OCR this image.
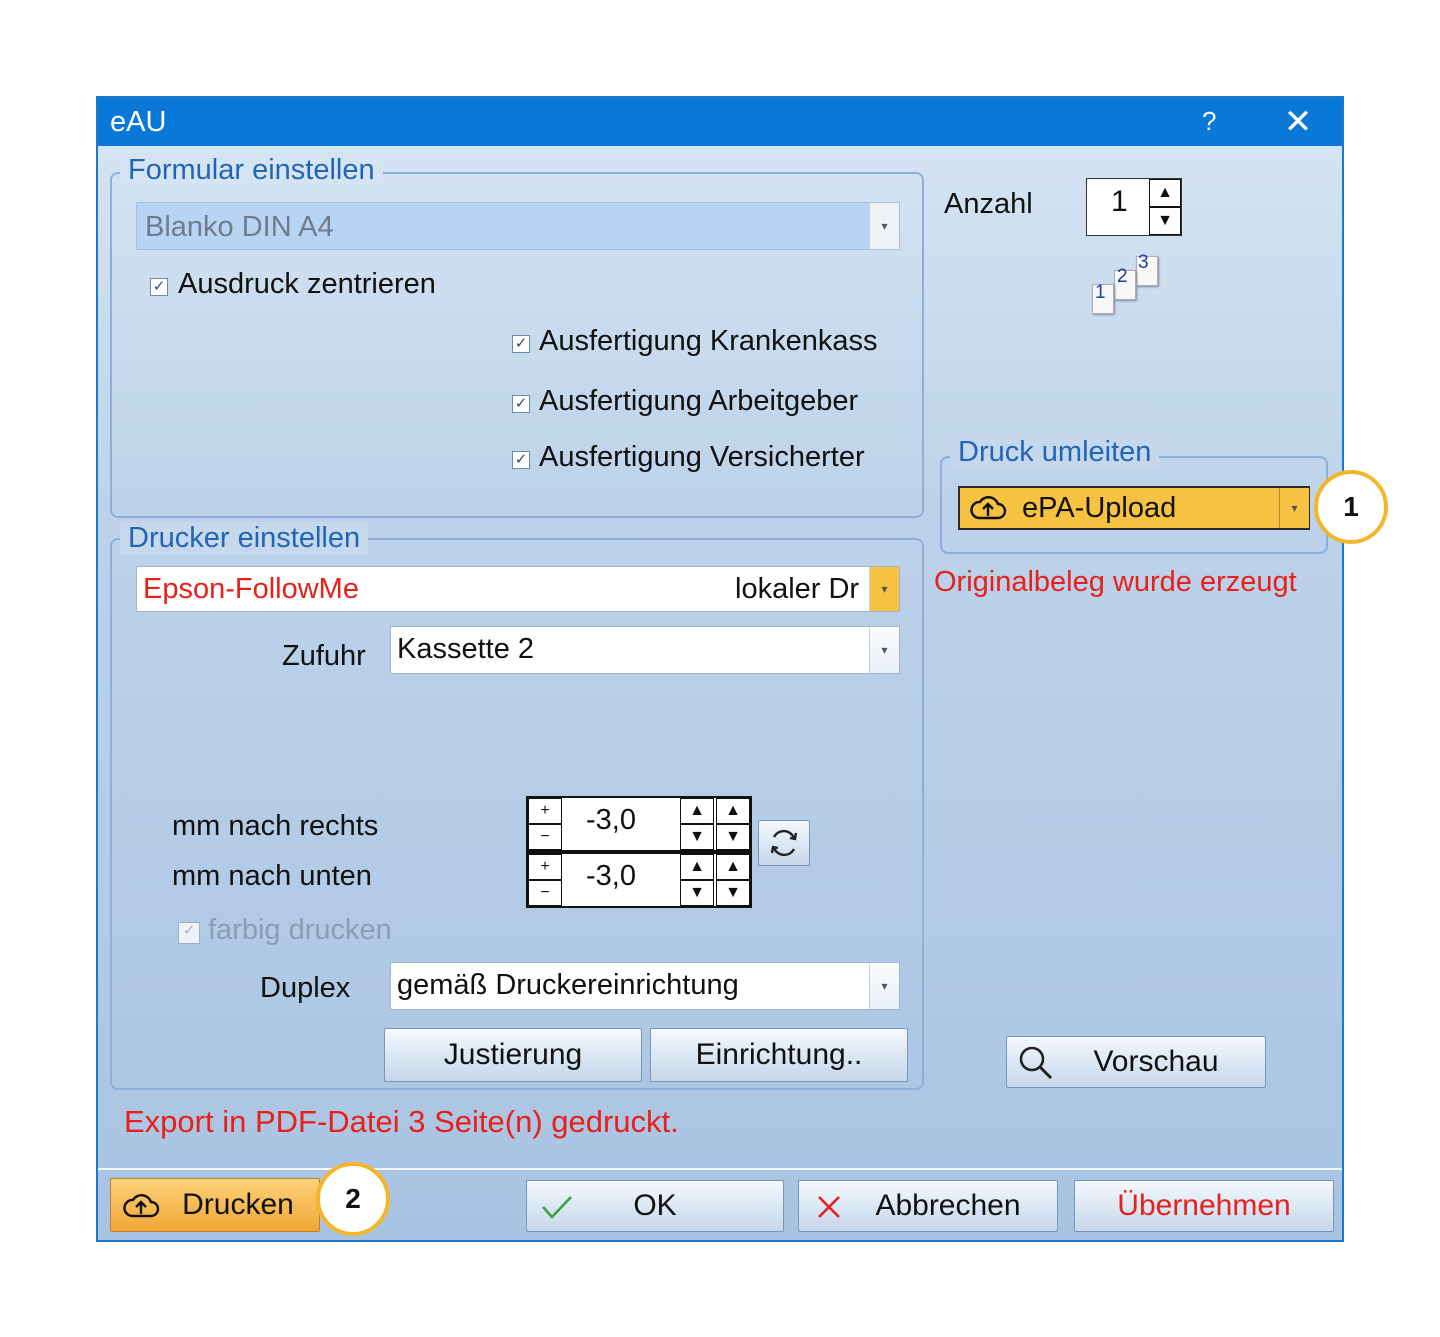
eAU	? ✕
Formular einstellen
Blanko DIN A4	▾
✓ Ausdruck zentrieren
✓ Ausfertigung Krankenkass
✓ Ausfertigung Arbeitgeber
✓ Ausfertigung Versicherter
Anzahl	1 ▲
▼
3
2
1
Druck umleiten
ePA-Upload	▾	1
Originalbeleg wurde erzeugt
Drucker einstellen
Epson-FollowMe	lokaler Dr	▾
Zufuhr Kassette 2	▾
mm nach rechts
mm nach unten
+
−
-3,0	▲
▼
▲
▼
+
−
-3,0	▲
▼
▲
▼
✓ farbig drucken
Duplex gemäß Druckereinrichtung	▾
Justierung	Einrichtung..	Vorschau
Export in PDF-Datei 3 Seite(n) gedruckt.
Drucken 2	OK	Abbrechen	Übernehmen
